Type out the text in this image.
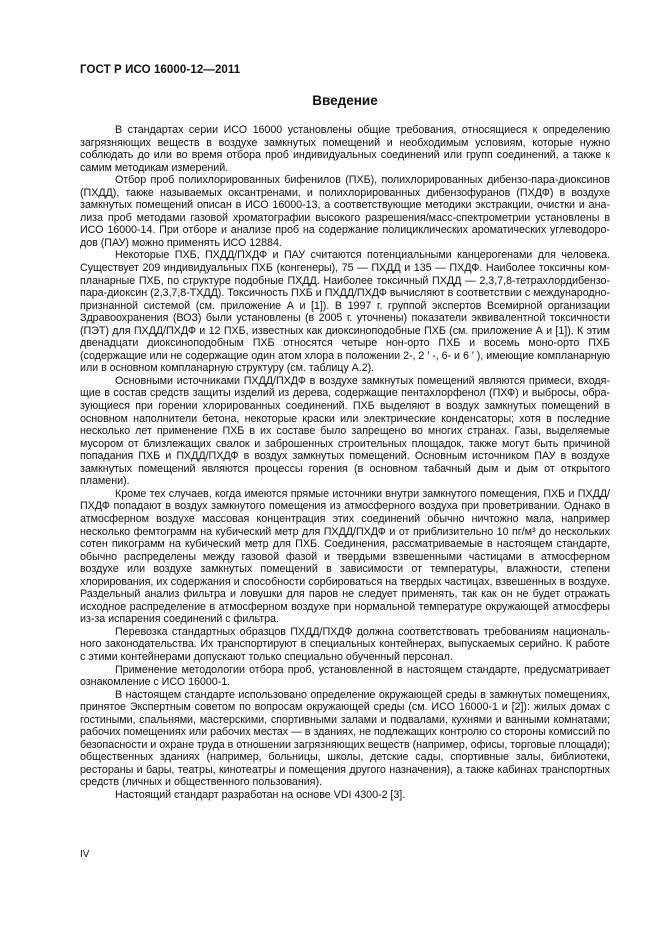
ГОСТ Р ИСО 16000-12—2011
Введение

В стандартах серии ИСО 16000 установлены общие требования, относящиеся к определению загрязняющих веществ в воздухе замкнутых помещений и необходимым условиям, которые нужно соблюдать до или во время отбора проб индивидуальных соединений или групп соединений, а также к самим методикам измерений.

Отбор проб полихлорированных бифенилов (ПХБ), полихлорированных дибензо-пара-диоксинов (ПХДД), также называемых оксантренами, и полихлорированных дибензофуранов (ПХДФ) в воздухе замкнутых помещений описан в ИСО 16000-13, а соответствующие методики экстракции, очистки и анализа проб методами газовой хроматографии высокого разрешения/масс-спектрометрии установлены в ИСО 16000-14. При отборе и анализе проб на содержание полициклических ароматических углеводородов (ПАУ) можно применять ИСО 12884.

Некоторые ПХБ, ПХДД/ПХДФ и ПАУ считаются потенциальными канцерогенами для человека. Существует 209 индивидуальных ПХБ (конгенеры), 75 — ПХДД и 135 — ПХДФ. Наиболее токсичны компланарные ПХБ, по структуре подобные ПХДД. Наиболее токсичный ПХДД — 2,3,7,8-тетрахлордибензо-пара-диоксин (2,3,7,8-ТХДД). Токсичность ПХБ и ПХДД/ПХДФ вычисляют в соответствии с международно-признанной системой (см. приложение А и [1]). В 1997 г. группой экспертов Всемирной организации Здравоохранения (ВОЗ) были установлены (в 2005 г. уточнены) показатели эквивалентной токсичности (ПЭТ) для ПХДД/ПХДФ и 12 ПХБ, известных как диоксиноподобные ПХБ (см. приложение А и [1]). К этим двенадцати диоксиноподобным ПХБ относятся четыре нон-орто ПХБ и восемь моно-орто ПХБ (содержащие или не содержащие один атом хлора в положении 2-, 2 ′ -, 6- и 6 ′ ), имеющие компланарную или в основном компланарную структуру (см. таблицу А.2).

Основными источниками ПХДД/ПХДФ в воздухе замкнутых помещений являются примеси, входящие в состав средств защиты изделий из дерева, содержащие пентахлорфенол (ПХФ) и выбросы, образующиеся при горении хлорированных соединений. ПХБ выделяют в воздух замкнутых помещений в основном наполнители бетона, некоторые краски или электрические конденсаторы; хотя в последние несколько лет применение ПХБ в их составе было запрещено во многих странах. Газы, выделяемые мусором от близлежащих свалок и заброшенных строительных площадок, также могут быть причиной попадания ПХБ и ПХДД/ПХДФ в воздух замкнутых помещений. Основным источником ПАУ в воздухе замкнутых помещений являются процессы горения (в основном табачный дым и дым от открытого пламени).

Кроме тех случаев, когда имеются прямые источники внутри замкнутого помещения, ПХБ и ПХДД/ПХДФ попадают в воздух замкнутого помещения из атмосферного воздуха при проветривании. Однако в атмосферном воздухе массовая концентрация этих соединений обычно ничтожно мала, например несколько фемтограмм на кубический метр для ПХДД/ПХДФ и от приблизительно 10 пг/м³ до нескольких сотен пикограмм на кубический метр для ПХБ. Соединения, рассматриваемые в настоящем стандарте, обычно распределены между газовой фазой и твердыми взвешенными частицами в атмосферном воздухе или воздухе замкнутых помещений в зависимости от температуры, влажности, степени хлорирования, их содержания и способности сорбироваться на твердых частицах, взвешенных в воздухе. Раздельный анализ фильтра и ловушки для паров не следует применять, так как он не будет отражать исходное распределение в атмосферном воздухе при нормальной температуре окружающей атмосферы из-за испарения соединений с фильтра.

Перевозка стандартных образцов ПХДД/ПХДФ должна соответствовать требованиям национального законодательства. Их транспортируют в специальных контейнерах, выпускаемых серийно. К работе с этими контейнерами допускают только специально обученный персонал.

Применение методологии отбора проб, установленной в настоящем стандарте, предусматривает ознакомление с ИСО 16000-1.

В настоящем стандарте использовано определение окружающей среды в замкнутых помещениях, принятое Экспертным советом по вопросам окружающей среды (см. ИСО 16000-1 и [2]): жилых домах с гостиными, спальнями, мастерскими, спортивными залами и подвалами, кухнями и ванными комнатами; рабочих помещениях или рабочих местах — в зданиях, не подлежащих контролю со стороны комиссий по безопасности и охране труда в отношении загрязняющих веществ (например, офисы, торговые площади); общественных зданиях (например, больницы, школы, детские сады, спортивные залы, библиотеки, рестораны и бары, театры, кинотеатры и помещения другого назначения), а также кабинах транспортных средств (личных и общественного пользования).

Настоящий стандарт разработан на основе VDI 4300-2 [3].

IV
